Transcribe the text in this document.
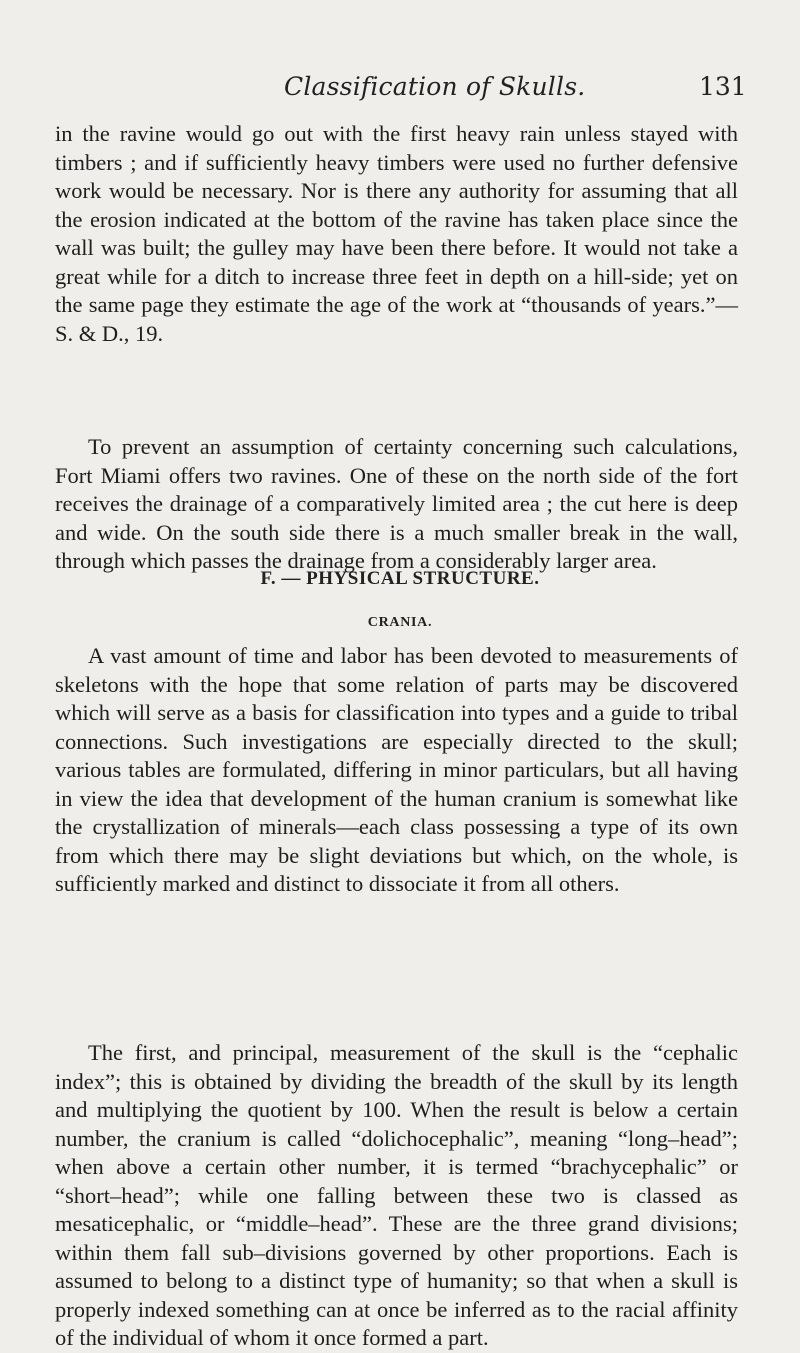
Classification of Skulls.	131

in the ravine would go out with the first heavy rain unless stayed with timbers ; and if sufficiently heavy timbers were used no further defensive work would be necessary. Nor is there any authority for assuming that all the erosion indicated at the bottom of the ravine has taken place since the wall was built; the gulley may have been there before. It would not take a great while for a ditch to increase three feet in depth on a hill-side; yet on the same page they estimate the age of the work at “thousands of years.”— S. & D., 19.

To prevent an assumption of certainty concerning such calculations, Fort Miami offers two ravines. One of these on the north side of the fort receives the drainage of a comparatively limited area ; the cut here is deep and wide. On the south side there is a much smaller break in the wall, through which passes the drainage from a considerably larger area.

F. — PHYSICAL STRUCTURE.
CRANIA.

A vast amount of time and labor has been devoted to measurements of skeletons with the hope that some relation of parts may be discovered which will serve as a basis for classification into types and a guide to tribal connections. Such investigations are especially directed to the skull; various tables are formulated, differing in minor particulars, but all having in view the idea that development of the human cranium is somewhat like the crystallization of minerals—each class possessing a type of its own from which there may be slight deviations but which, on the whole, is sufficiently marked and distinct to dissociate it from all others.

The first, and principal, measurement of the skull is the “cephalic index”; this is obtained by dividing the breadth of the skull by its length and multiplying the quotient by 100. When the result is below a certain number, the cranium is called “dolichocephalic”, meaning “long–head”; when above a certain other number, it is termed “brachycephalic” or “short–head”; while one falling between these two is classed as mesaticephalic, or “middle–head”. These are the three grand divisions; within them fall sub–divisions governed by other proportions. Each is assumed to belong to a distinct type of humanity; so that when a skull is properly indexed something can at once be inferred as to the racial affinity of the individual of whom it once formed a part.
